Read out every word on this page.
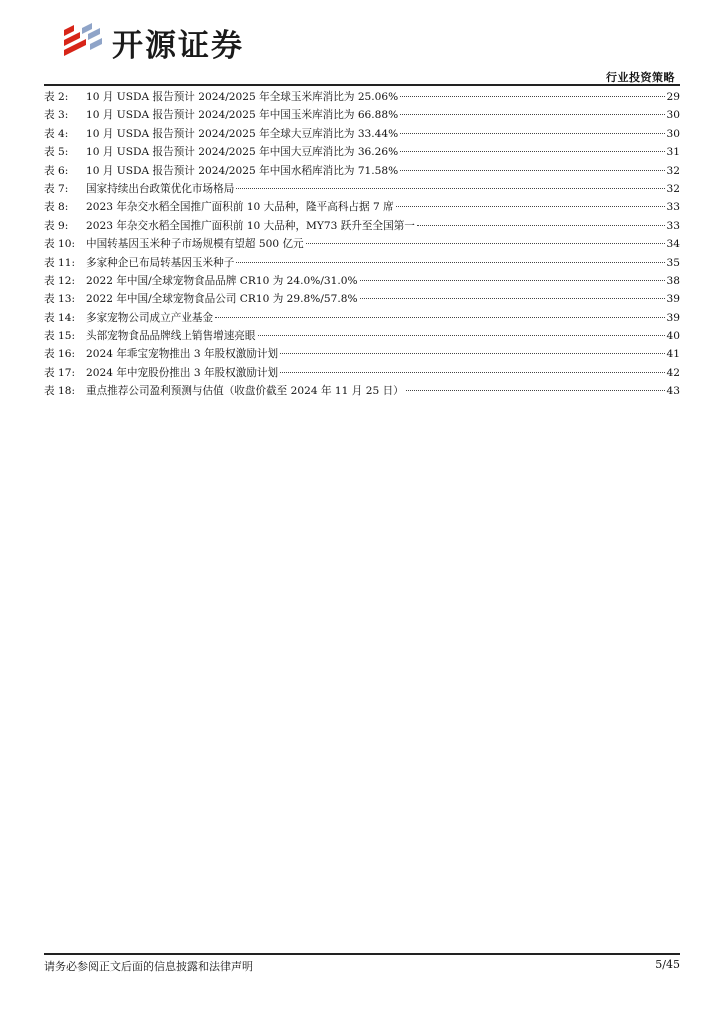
开源证券
行业投资策略
表 2:	10 月 USDA 报告预计 2024/2025 年全球玉米库消比为 25.06%	29
表 3:	10 月 USDA 报告预计 2024/2025 年中国玉米库消比为 66.88%	30
表 4:	10 月 USDA 报告预计 2024/2025 年全球大豆库消比为 33.44%	30
表 5:	10 月 USDA 报告预计 2024/2025 年中国大豆库消比为 36.26%	31
表 6:	10 月 USDA 报告预计 2024/2025 年中国水稻库消比为 71.58%	32
表 7:	国家持续出台政策优化市场格局	32
表 8:	2023 年杂交水稻全国推广面积前 10 大品种，隆平高科占据 7 席	33
表 9:	2023 年杂交水稻全国推广面积前 10 大品种，MY73 跃升至全国第一	33
表 10:	中国转基因玉米种子市场规模有望超 500 亿元	34
表 11:	多家种企已布局转基因玉米种子	35
表 12:	2022 年中国/全球宠物食品品牌 CR10 为 24.0%/31.0%	38
表 13:	2022 年中国/全球宠物食品公司 CR10 为 29.8%/57.8%	39
表 14:	多家宠物公司成立产业基金	39
表 15:	头部宠物食品品牌线上销售增速亮眼	40
表 16:	2024 年乖宝宠物推出 3 年股权激励计划	41
表 17:	2024 年中宠股份推出 3 年股权激励计划	42
表 18:	重点推荐公司盈利预测与估值（收盘价截至 2024 年 11 月 25 日）	43
请务必参阅正文后面的信息披露和法律声明	5/45
